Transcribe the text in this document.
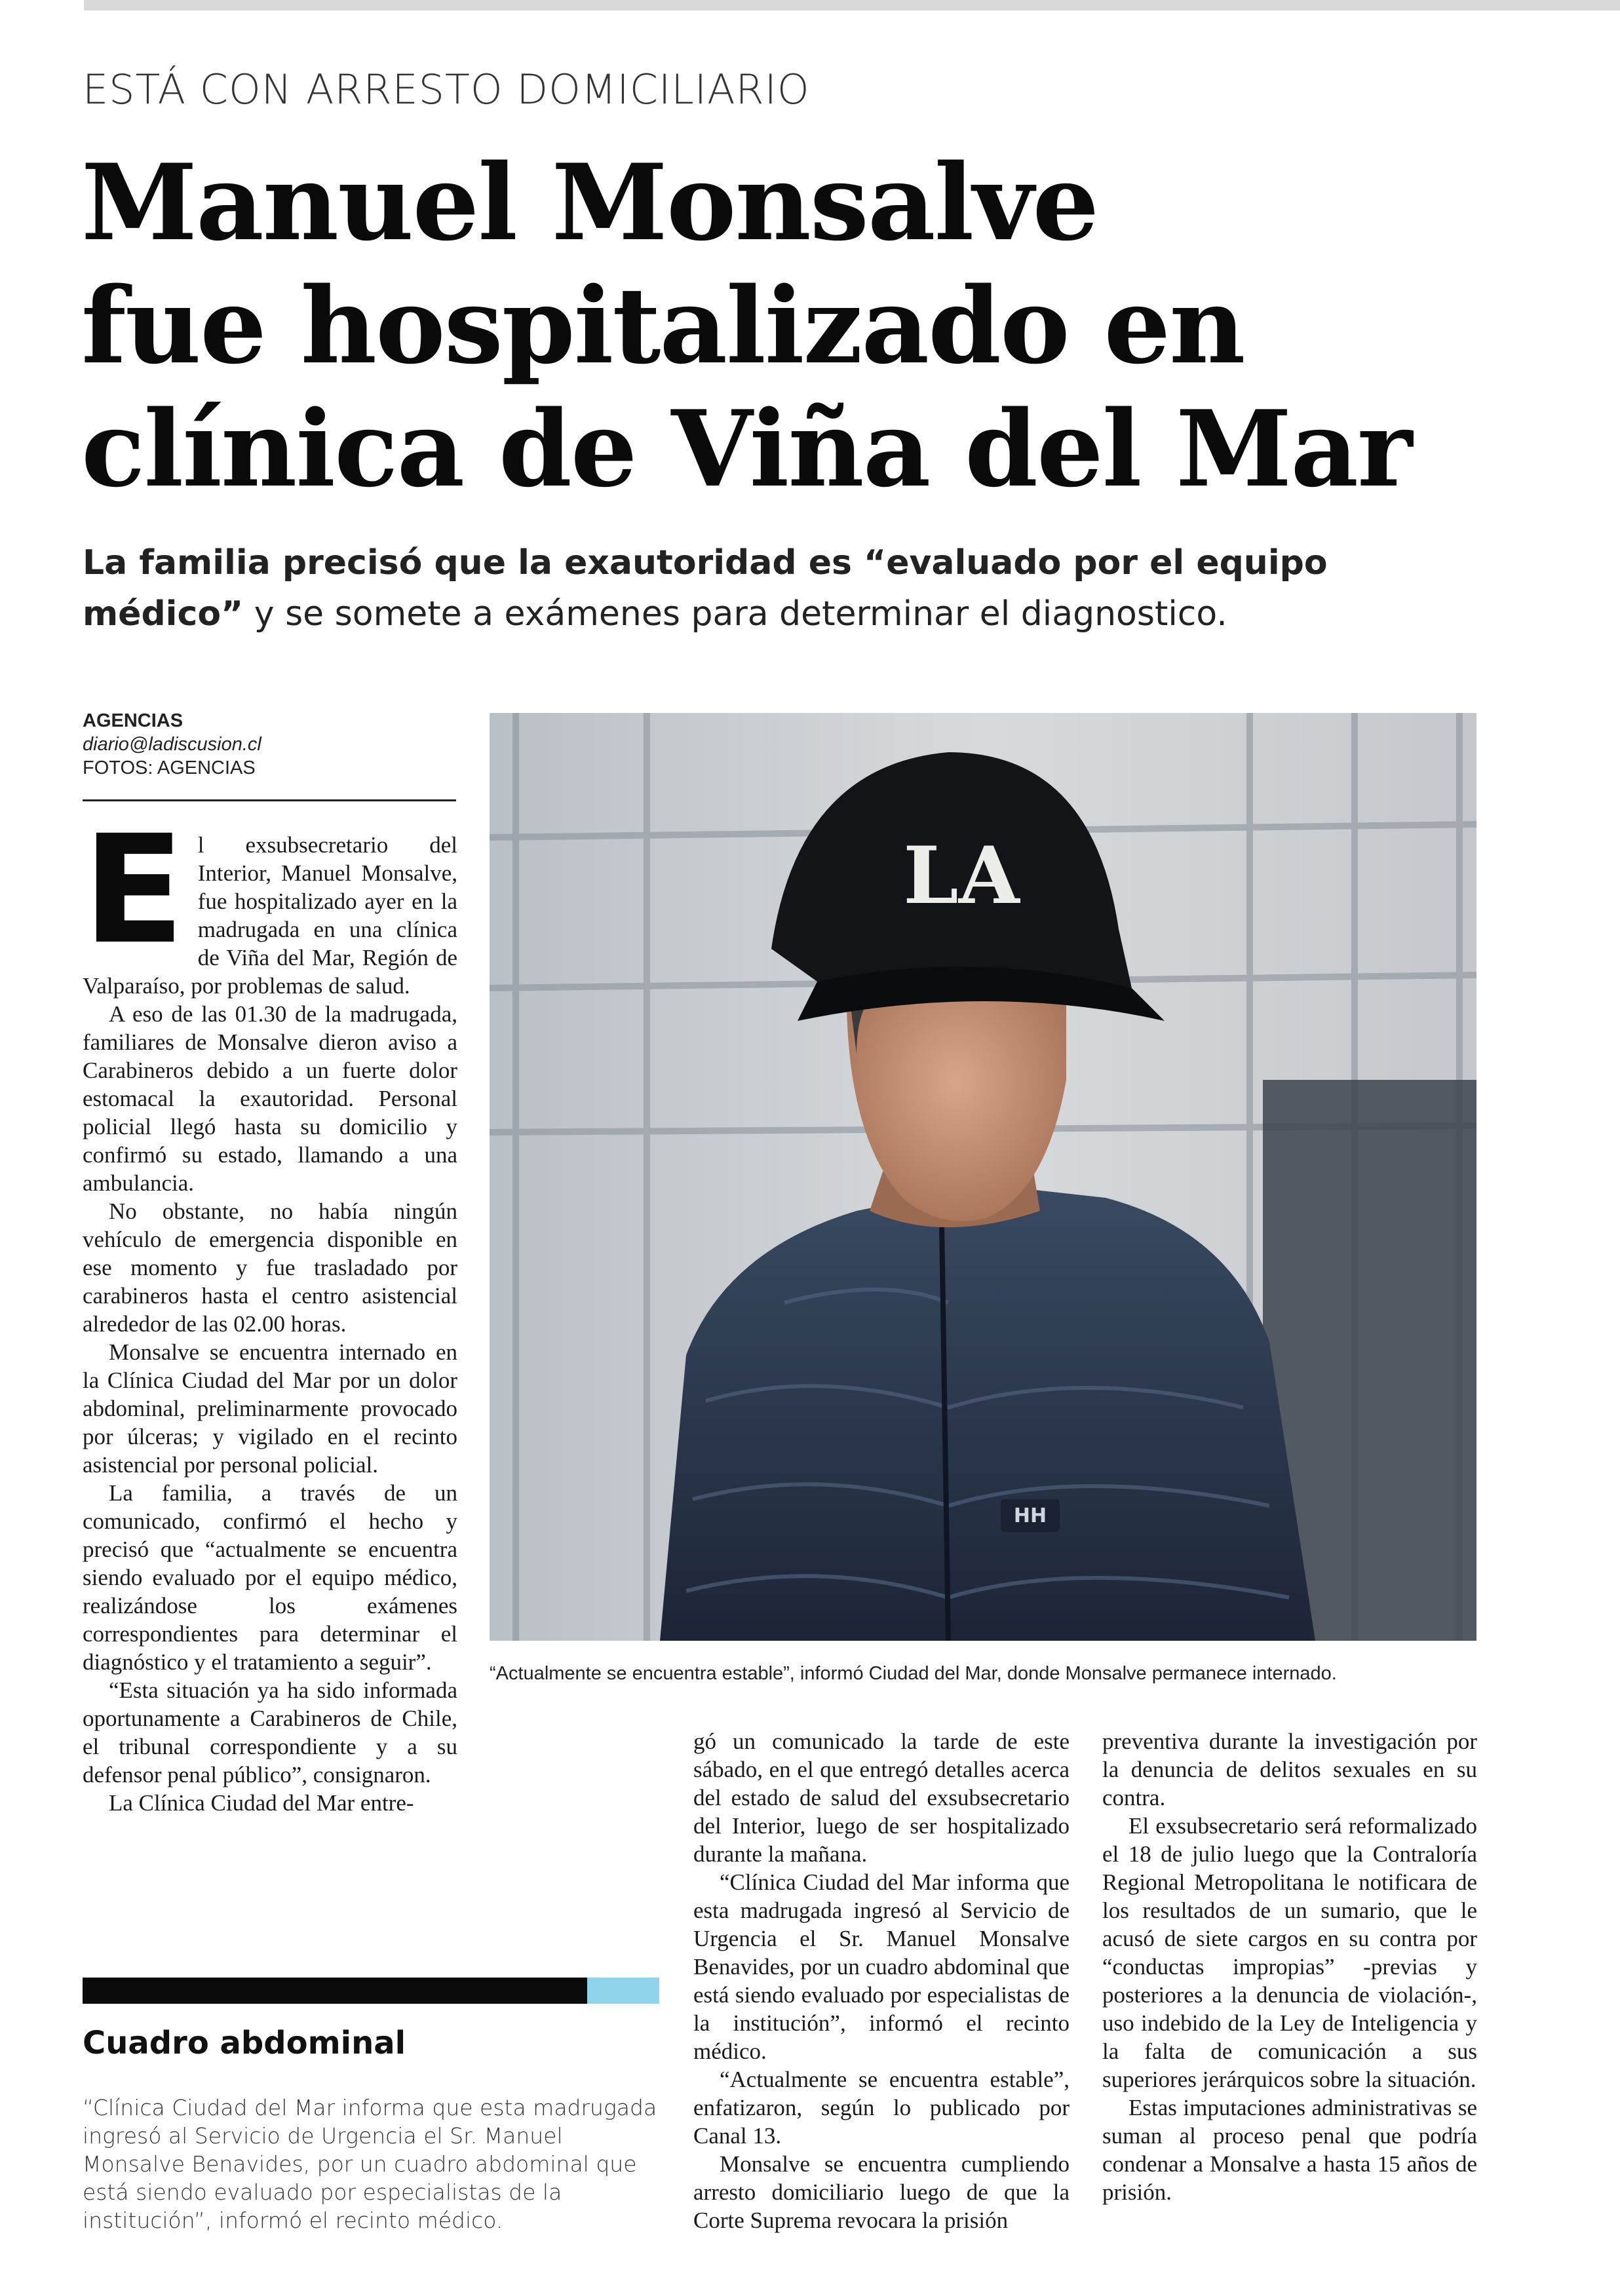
ESTÁ CON ARRESTO DOMICILIARIO
Manuel Monsalve
fue hospitalizado en
clínica de Viña del Mar
La familia precisó que la exautoridad es “evaluado por el equipo médico” y se somete a exámenes para determinar el diagnostico.
AGENCIAS
diario@ladiscusion.cl
FOTOS: AGENCIAS
HH
LA
“Actualmente se encuentra estable”, informó Ciudad del Mar, donde Monsalve permanece internado.

El exsubsecretario del Interior, Manuel Monsalve, fue hospitalizado ayer en la madrugada en una clínica de Viña del Mar, Región de Valparaíso, por problemas de salud.

A eso de las 01.30 de la madrugada, familiares de Monsalve dieron aviso a Carabineros debido a un fuerte dolor estomacal la exautoridad. Personal policial llegó hasta su domicilio y confirmó su estado, llamando a una ambulancia.

No obstante, no había ningún vehículo de emergencia disponible en ese momento y fue trasladado por carabineros hasta el centro asistencial alrededor de las 02.00 horas.

Monsalve se encuentra internado en la Clínica Ciudad del Mar por un dolor abdominal, preliminarmente provocado por úlceras; y vigilado en el recinto asistencial por personal policial.

La familia, a través de un comunicado, confirmó el hecho y precisó que “actualmente se encuentra siendo evaluado por el equipo médico, realizándose los exámenes correspondientes para determinar el diagnóstico y el tratamiento a seguir”.

“Esta situación ya ha sido informada oportunamente a Carabineros de Chile, el tribunal correspondiente y a su defensor penal público”, consignaron.

La Clínica Ciudad del Mar entre-

gó un comunicado la tarde de este sábado, en el que entregó detalles acerca del estado de salud del exsubsecretario del Interior, luego de ser hospitalizado durante la mañana.

“Clínica Ciudad del Mar informa que esta madrugada ingresó al Servicio de Urgencia el Sr. Manuel Monsalve Benavides, por un cuadro abdominal que está siendo evaluado por especialistas de la institución”, informó el recinto médico.

“Actualmente se encuentra estable”, enfatizaron, según lo publicado por Canal 13.

Monsalve se encuentra cumpliendo arresto domiciliario luego de que la Corte Suprema revocara la prisión

preventiva durante la investigación por la denuncia de delitos sexuales en su contra.

El exsubsecretario será reformalizado el 18 de julio luego que la Contraloría Regional Metropolitana le notificara de los resultados de un sumario, que le acusó de siete cargos en su contra por “conductas impropias” -previas y posteriores a la denuncia de violación-, uso indebido de la Ley de Inteligencia y la falta de comunicación a sus superiores jerárquicos sobre la situación.

Estas imputaciones administrativas se suman al proceso penal que podría condenar a Monsalve a hasta 15 años de prisión.

Cuadro abdominal
“Clínica Ciudad del Mar informa que esta madrugada ingresó al Servicio de Urgencia el Sr. Manuel Monsalve Benavides, por un cuadro abdominal que está siendo evaluado por especialistas de la institución”, informó el recinto médico.
